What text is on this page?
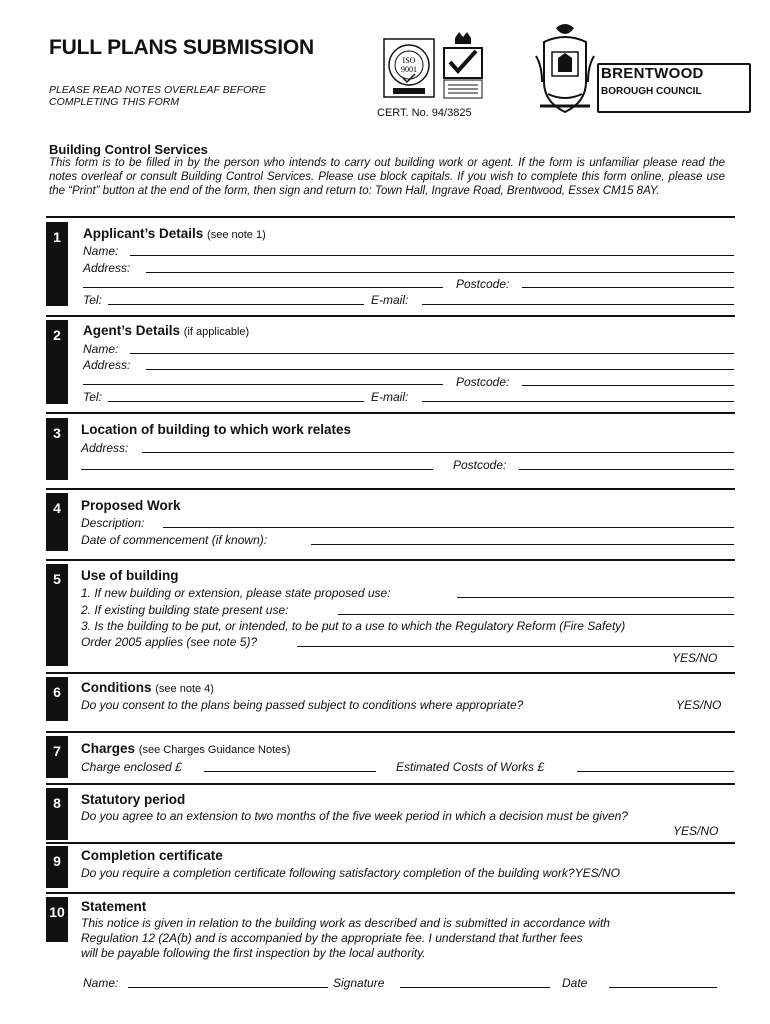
FULL PLANS SUBMISSION
PLEASE READ NOTES OVERLEAF BEFORE COMPLETING THIS FORM
ISO
9001
CERT. No. 94/3825
BRENTWOOD
BOROUGH COUNCIL
Building Control Services
This form is to be filled in by the person who intends to carry out building work or agent. If the form is unfamiliar please read the notes overleaf or consult Building Control Services. Please use block capitals. If you wish to complete this form online, please use the “Print” button at the end of the form, then sign and return to: Town Hall, Ingrave Road, Brentwood, Essex CM15 8AY.
1	Applicant’s Details (see note 1)
Name:
Address:
Postcode:
Tel:	E-mail:
2	Agent’s Details (if applicable)
Name:
Address:
Postcode:
Tel:	E-mail:
3	Location of building to which work relates
Address:
Postcode:
4	Proposed Work
Description:
Date of commencement (if known):
5	Use of building
1. If new building or extension, please state proposed use:
2. If existing building state present use:
3. Is the building to be put, or intended, to be put to a use to which the Regulatory Reform (Fire Safety)
Order 2005 applies (see note 5)?
YES/NO
6	Conditions (see note 4)
Do you consent to the plans being passed subject to conditions where appropriate?	YES/NO
7	Charges (see Charges Guidance Notes)
Charge enclosed £	Estimated Costs of Works £
8	Statutory period
Do you agree to an extension to two months of the five week period in which a decision must be given?
YES/NO
9	Completion certificate
Do you require a completion certificate following satisfactory completion of the building work?YES/NO
10 Statement
This notice is given in relation to the building work as described and is submitted in accordance with
Regulation 12 (2A(b) and is accompanied by the appropriate fee. I understand that further fees
will be payable following the first inspection by the local authority.
Name:	Signature	Date
